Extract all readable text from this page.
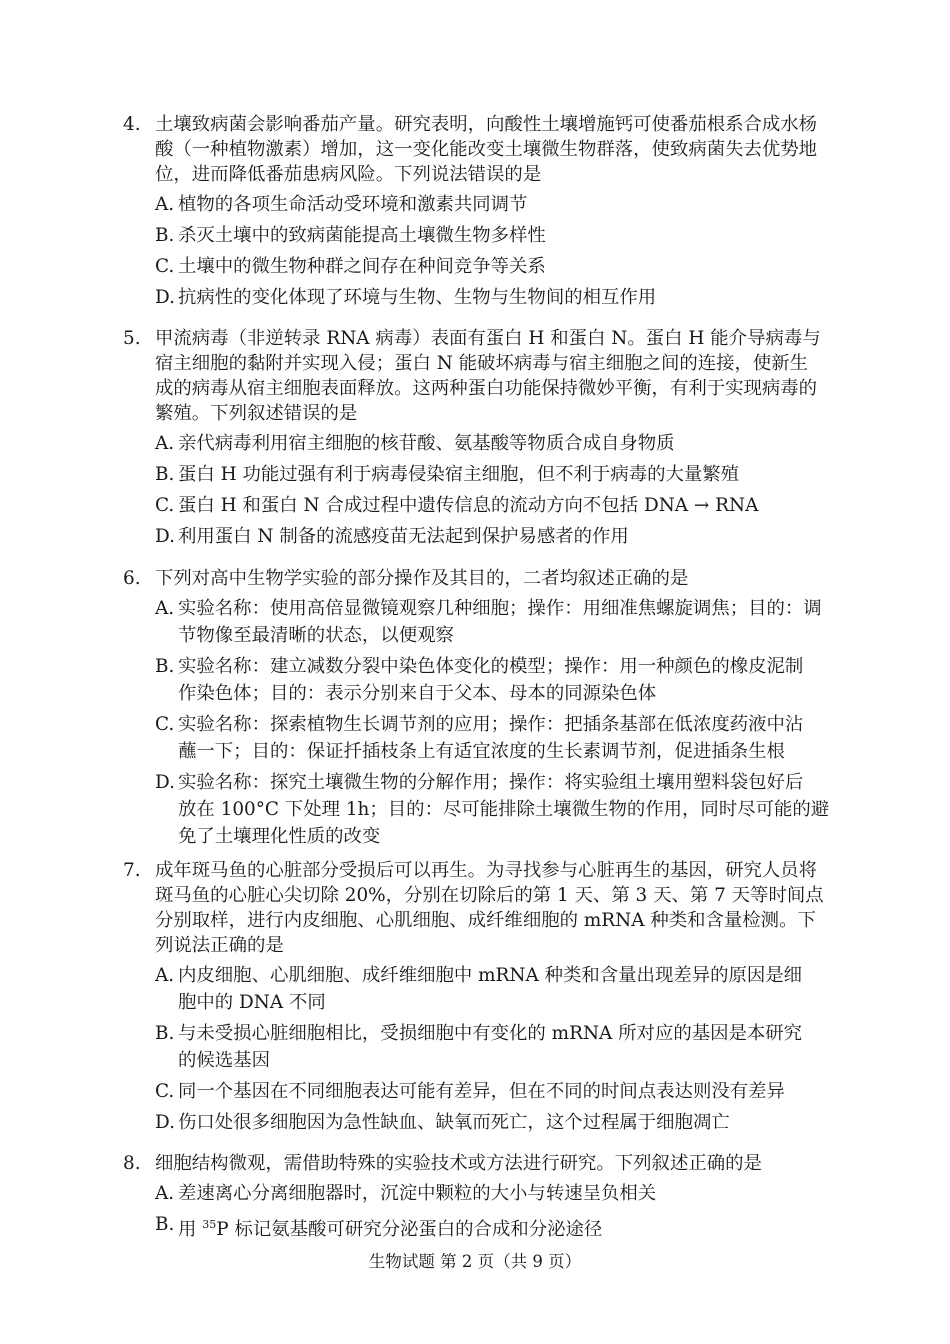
4. 土壤致病菌会影响番茄产量。研究表明，向酸性土壤增施钙可使番茄根系合成水杨
酸（一种植物激素）增加，这一变化能改变土壤微生物群落，使致病菌失去优势地
位，进而降低番茄患病风险。下列说法错误的是
A. 植物的各项生命活动受环境和激素共同调节
B. 杀灭土壤中的致病菌能提高土壤微生物多样性
C. 土壤中的微生物种群之间存在种间竞争等关系
D. 抗病性的变化体现了环境与生物、生物与生物间的相互作用
5. 甲流病毒（非逆转录 RNA 病毒）表面有蛋白 H 和蛋白 N。蛋白 H 能介导病毒与
宿主细胞的黏附并实现入侵；蛋白 N 能破坏病毒与宿主细胞之间的连接，使新生
成的病毒从宿主细胞表面释放。这两种蛋白功能保持微妙平衡，有利于实现病毒的
繁殖。下列叙述错误的是
A. 亲代病毒利用宿主细胞的核苷酸、氨基酸等物质合成自身物质
B. 蛋白 H 功能过强有利于病毒侵染宿主细胞，但不利于病毒的大量繁殖
C. 蛋白 H 和蛋白 N 合成过程中遗传信息的流动方向不包括 DNA → RNA
D. 利用蛋白 N 制备的流感疫苗无法起到保护易感者的作用
6. 下列对高中生物学实验的部分操作及其目的，二者均叙述正确的是
A. 实验名称：使用高倍显微镜观察几种细胞；操作：用细准焦螺旋调焦；目的：调
节物像至最清晰的状态，以便观察
B. 实验名称：建立减数分裂中染色体变化的模型；操作：用一种颜色的橡皮泥制
作染色体；目的：表示分别来自于父本、母本的同源染色体
C. 实验名称：探索植物生长调节剂的应用；操作：把插条基部在低浓度药液中沾
蘸一下；目的：保证扦插枝条上有适宜浓度的生长素调节剂，促进插条生根
D. 实验名称：探究土壤微生物的分解作用；操作：将实验组土壤用塑料袋包好后
放在 100°C 下处理 1h；目的：尽可能排除土壤微生物的作用，同时尽可能的避
免了土壤理化性质的改变
7. 成年斑马鱼的心脏部分受损后可以再生。为寻找参与心脏再生的基因，研究人员将
斑马鱼的心脏心尖切除 20%，分别在切除后的第 1 天、第 3 天、第 7 天等时间点
分别取样，进行内皮细胞、心肌细胞、成纤维细胞的 mRNA 种类和含量检测。下
列说法正确的是
A. 内皮细胞、心肌细胞、成纤维细胞中 mRNA 种类和含量出现差异的原因是细
胞中的 DNA 不同
B. 与未受损心脏细胞相比，受损细胞中有变化的 mRNA 所对应的基因是本研究
的候选基因
C. 同一个基因在不同细胞表达可能有差异，但在不同的时间点表达则没有差异
D. 伤口处很多细胞因为急性缺血、缺氧而死亡，这个过程属于细胞凋亡
8. 细胞结构微观，需借助特殊的实验技术或方法进行研究。下列叙述正确的是
A. 差速离心分离细胞器时，沉淀中颗粒的大小与转速呈负相关
B. 用 $^{35}$P 标记氨基酸可研究分泌蛋白的合成和分泌途径
生物试题 第 2 页（共 9 页）
